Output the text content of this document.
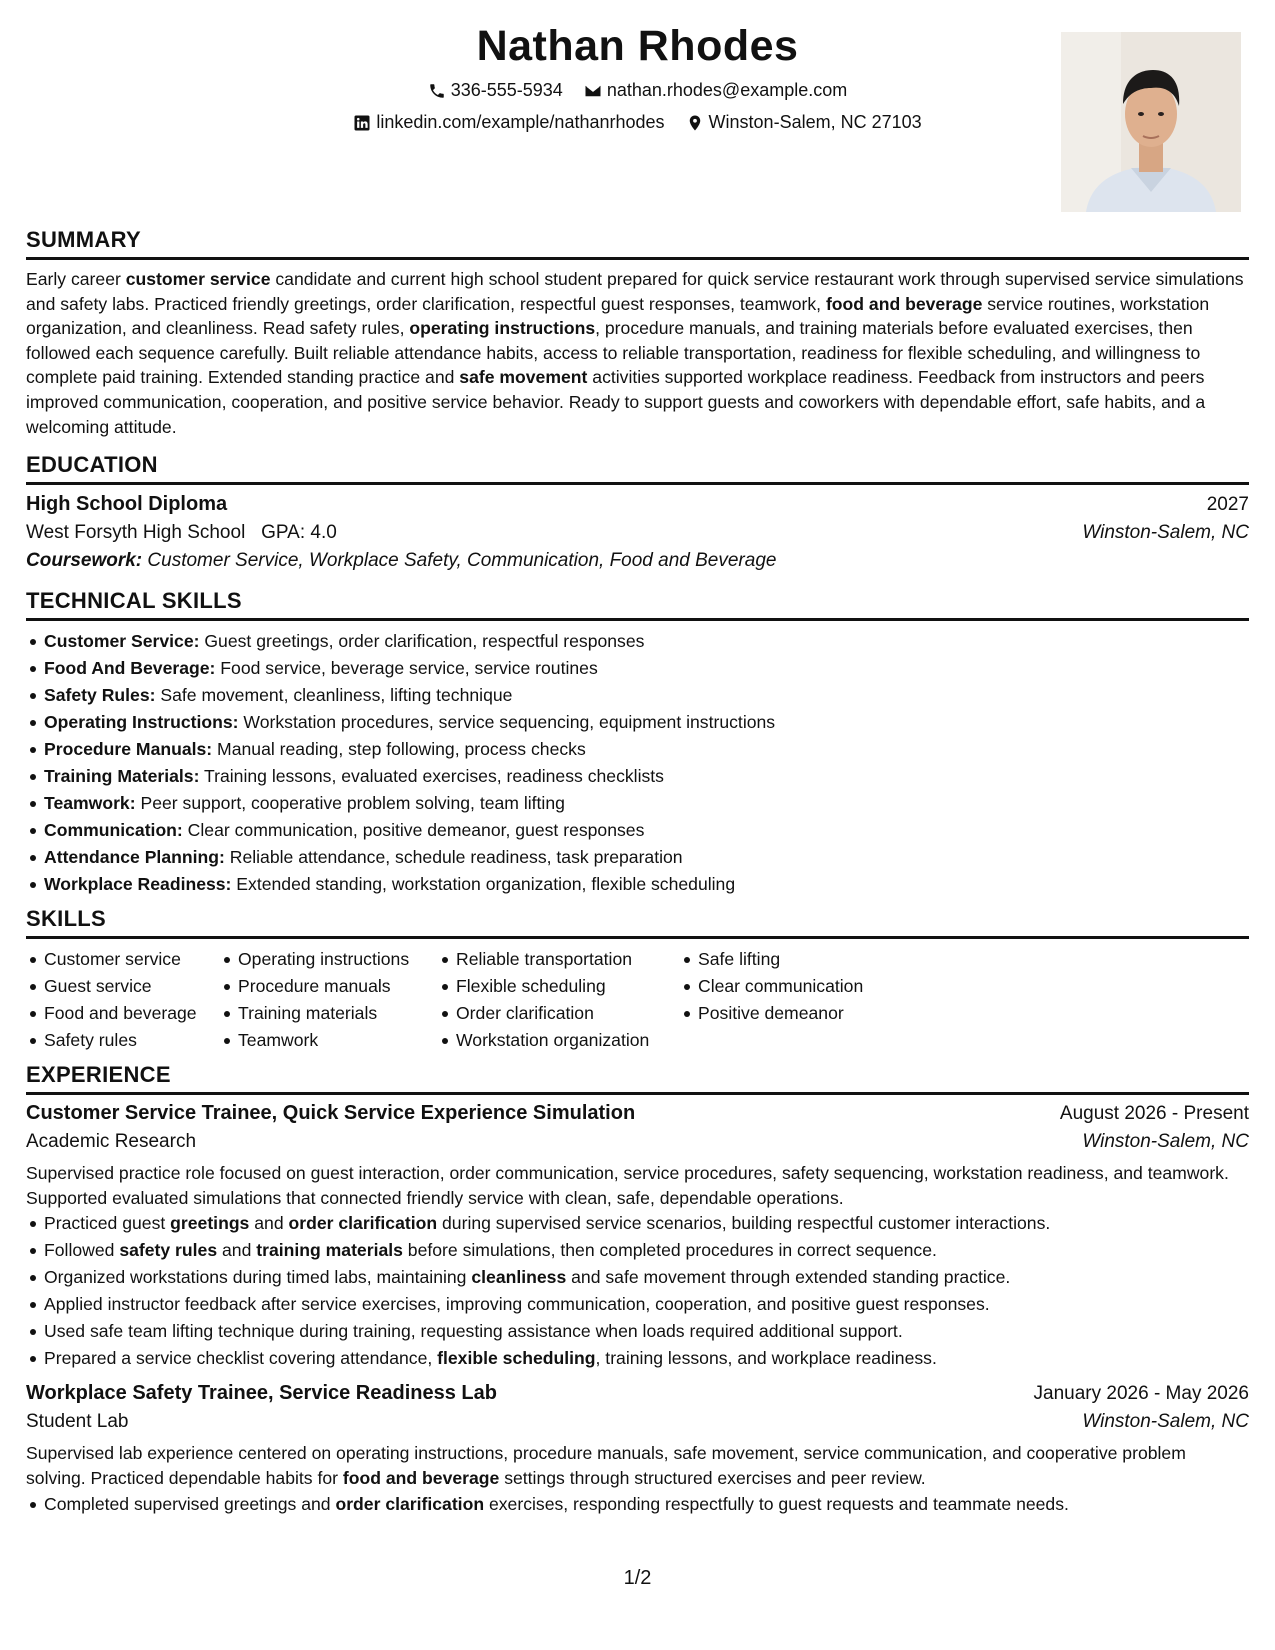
Nathan Rhodes
336-555-5934
nathan.rhodes@example.com
linkedin.com/example/nathanrhodes
Winston-Salem, NC 27103
SUMMARY

Early career customer service candidate and current high school student prepared for quick service restaurant work through supervised service simulations and safety labs. Practiced friendly greetings, order clarification, respectful guest responses, teamwork, food and beverage service routines, workstation organization, and cleanliness. Read safety rules, operating instructions, procedure manuals, and training materials before evaluated exercises, then followed each sequence carefully. Built reliable attendance habits, access to reliable transportation, readiness for flexible scheduling, and willingness to complete paid training. Extended standing practice and safe movement activities supported workplace readiness. Feedback from instructors and peers improved communication, cooperation, and positive service behavior. Ready to support guests and coworkers with dependable effort, safe habits, and a welcoming attitude.

EDUCATION
High School Diploma	2027
West Forsyth High School GPA: 4.0	Winston-Salem, NC
Coursework: Customer Service, Workplace Safety, Communication, Food and Beverage
TECHNICAL SKILLS
Customer Service: Guest greetings, order clarification, respectful responses
Food And Beverage: Food service, beverage service, service routines
Safety Rules: Safe movement, cleanliness, lifting technique
Operating Instructions: Workstation procedures, service sequencing, equipment instructions
Procedure Manuals: Manual reading, step following, process checks
Training Materials: Training lessons, evaluated exercises, readiness checklists
Teamwork: Peer support, cooperative problem solving, team lifting
Communication: Clear communication, positive demeanor, guest responses
Attendance Planning: Reliable attendance, schedule readiness, task preparation
Workplace Readiness: Extended standing, workstation organization, flexible scheduling
SKILLS
Customer service
Guest service
Food and beverage
Safety rules
Operating instructions
Procedure manuals
Training materials
Teamwork
Reliable transportation
Flexible scheduling
Order clarification
Workstation organization
Safe lifting
Clear communication
Positive demeanor
EXPERIENCE
Customer Service Trainee, Quick Service Experience Simulation	August 2026 - Present
Academic Research	Winston-Salem, NC

Supervised practice role focused on guest interaction, order communication, service procedures, safety sequencing, workstation readiness, and teamwork. Supported evaluated simulations that connected friendly service with clean, safe, dependable operations.

Practiced guest greetings and order clarification during supervised service scenarios, building respectful customer interactions.
Followed safety rules and training materials before simulations, then completed procedures in correct sequence.
Organized workstations during timed labs, maintaining cleanliness and safe movement through extended standing practice.
Applied instructor feedback after service exercises, improving communication, cooperation, and positive guest responses.
Used safe team lifting technique during training, requesting assistance when loads required additional support.
Prepared a service checklist covering attendance, flexible scheduling, training lessons, and workplace readiness.
Workplace Safety Trainee, Service Readiness Lab	January 2026 - May 2026
Student Lab	Winston-Salem, NC

Supervised lab experience centered on operating instructions, procedure manuals, safe movement, service communication, and cooperative problem solving. Practiced dependable habits for food and beverage settings through structured exercises and peer review.

Completed supervised greetings and order clarification exercises, responding respectfully to guest requests and teammate needs.
1/2
